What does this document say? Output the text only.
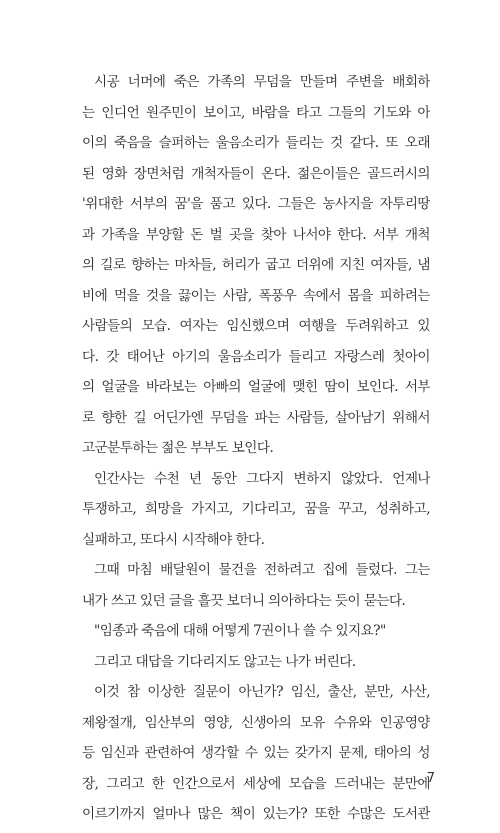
시공 너머에 죽은 가족의 무덤을 만들며 주변을 배회하
는 인디언 원주민이 보이고, 바람을 타고 그들의 기도와 아
이의 죽음을 슬퍼하는 울음소리가 들리는 것 같다. 또 오래
된 영화 장면처럼 개척자들이 온다. 젊은이들은 골드러시의
'위대한 서부의 꿈'을 품고 있다. 그들은 농사지을 자투리땅
과 가족을 부양할 돈 벌 곳을 찾아 나서야 한다. 서부 개척
의 길로 향하는 마차들, 허리가 굽고 더위에 지친 여자들, 냄
비에 먹을 것을 끓이는 사람, 폭풍우 속에서 몸을 피하려는
사람들의 모습. 여자는 임신했으며 여행을 두려워하고 있
다. 갓 태어난 아기의 울음소리가 들리고 자랑스레 첫아이
의 얼굴을 바라보는 아빠의 얼굴에 맺힌 땀이 보인다. 서부
로 향한 길 어딘가엔 무덤을 파는 사람들, 살아남기 위해서
고군분투하는 젊은 부부도 보인다.
인간사는 수천 년 동안 그다지 변하지 않았다. 언제나
투쟁하고, 희망을 가지고, 기다리고, 꿈을 꾸고, 성취하고,
실패하고, 또다시 시작해야 한다.
그때 마침 배달원이 물건을 전하려고 집에 들렀다. 그는
내가 쓰고 있던 글을 흘끗 보더니 의아하다는 듯이 묻는다.
"임종과 죽음에 대해 어떻게 7권이나 쓸 수 있지요?"
그리고 대답을 기다리지도 않고는 나가 버린다.
이것 참 이상한 질문이 아닌가? 임신, 출산, 분만, 사산,
제왕절개, 임산부의 영양, 신생아의 모유 수유와 인공영양
등 임신과 관련하여 생각할 수 있는 갖가지 문제, 태아의 성
장, 그리고 한 인간으로서 세상에 모습을 드러내는 분만에
이르기까지 얼마나 많은 책이 있는가? 또한 수많은 도서관
7
